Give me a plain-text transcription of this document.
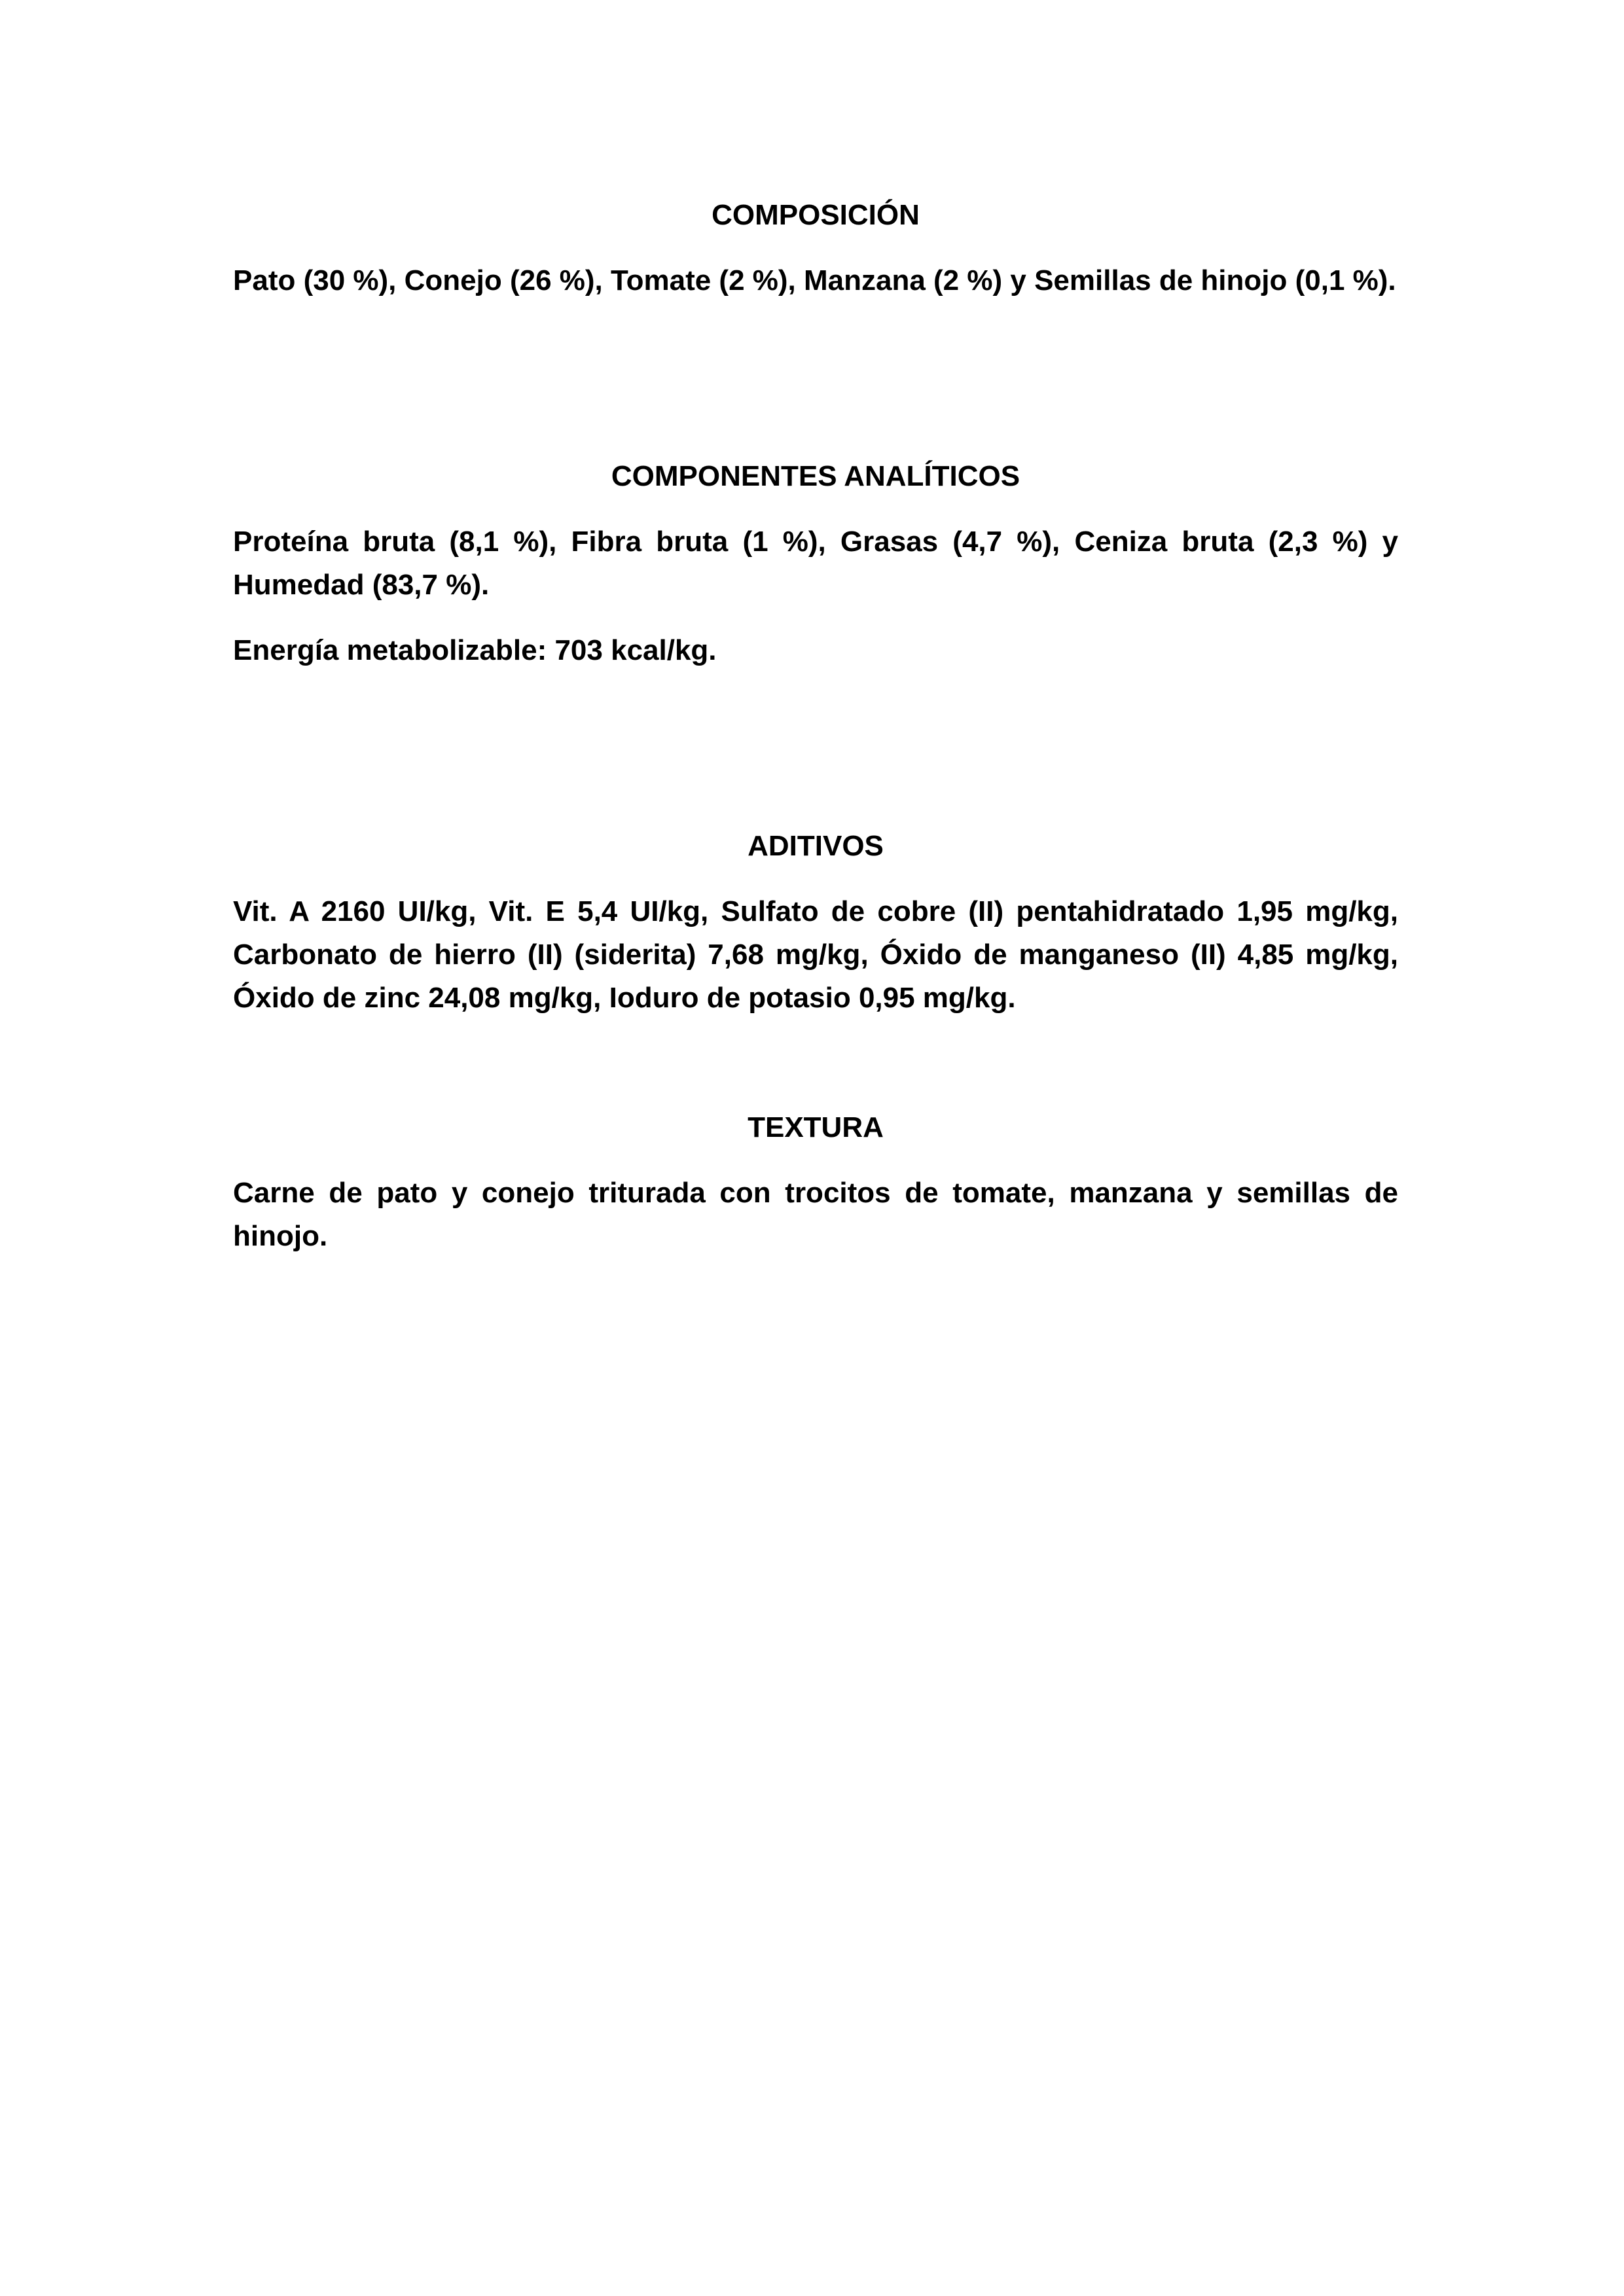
COMPOSICIÓN

Pato (30 %), Conejo (26 %), Tomate (2 %), Manzana (2 %) y Semillas de hinojo (0,1 %).

COMPONENTES ANALÍTICOS

Proteína bruta (8,1 %), Fibra bruta (1 %), Grasas (4,7 %), Ceniza bruta (2,3 %) y Humedad (83,7 %).

Energía metabolizable: 703 kcal/kg.

ADITIVOS

Vit. A 2160 UI/kg, Vit. E 5,4 UI/kg, Sulfato de cobre (II) pentahidratado 1,95 mg/kg, Carbonato de hierro (II) (siderita) 7,68 mg/kg, Óxido de manganeso (II) 4,85 mg/kg, Óxido de zinc 24,08 mg/kg, Ioduro de potasio 0,95 mg/kg.

TEXTURA

Carne de pato y conejo triturada con trocitos de tomate, manzana y semillas de hinojo.
